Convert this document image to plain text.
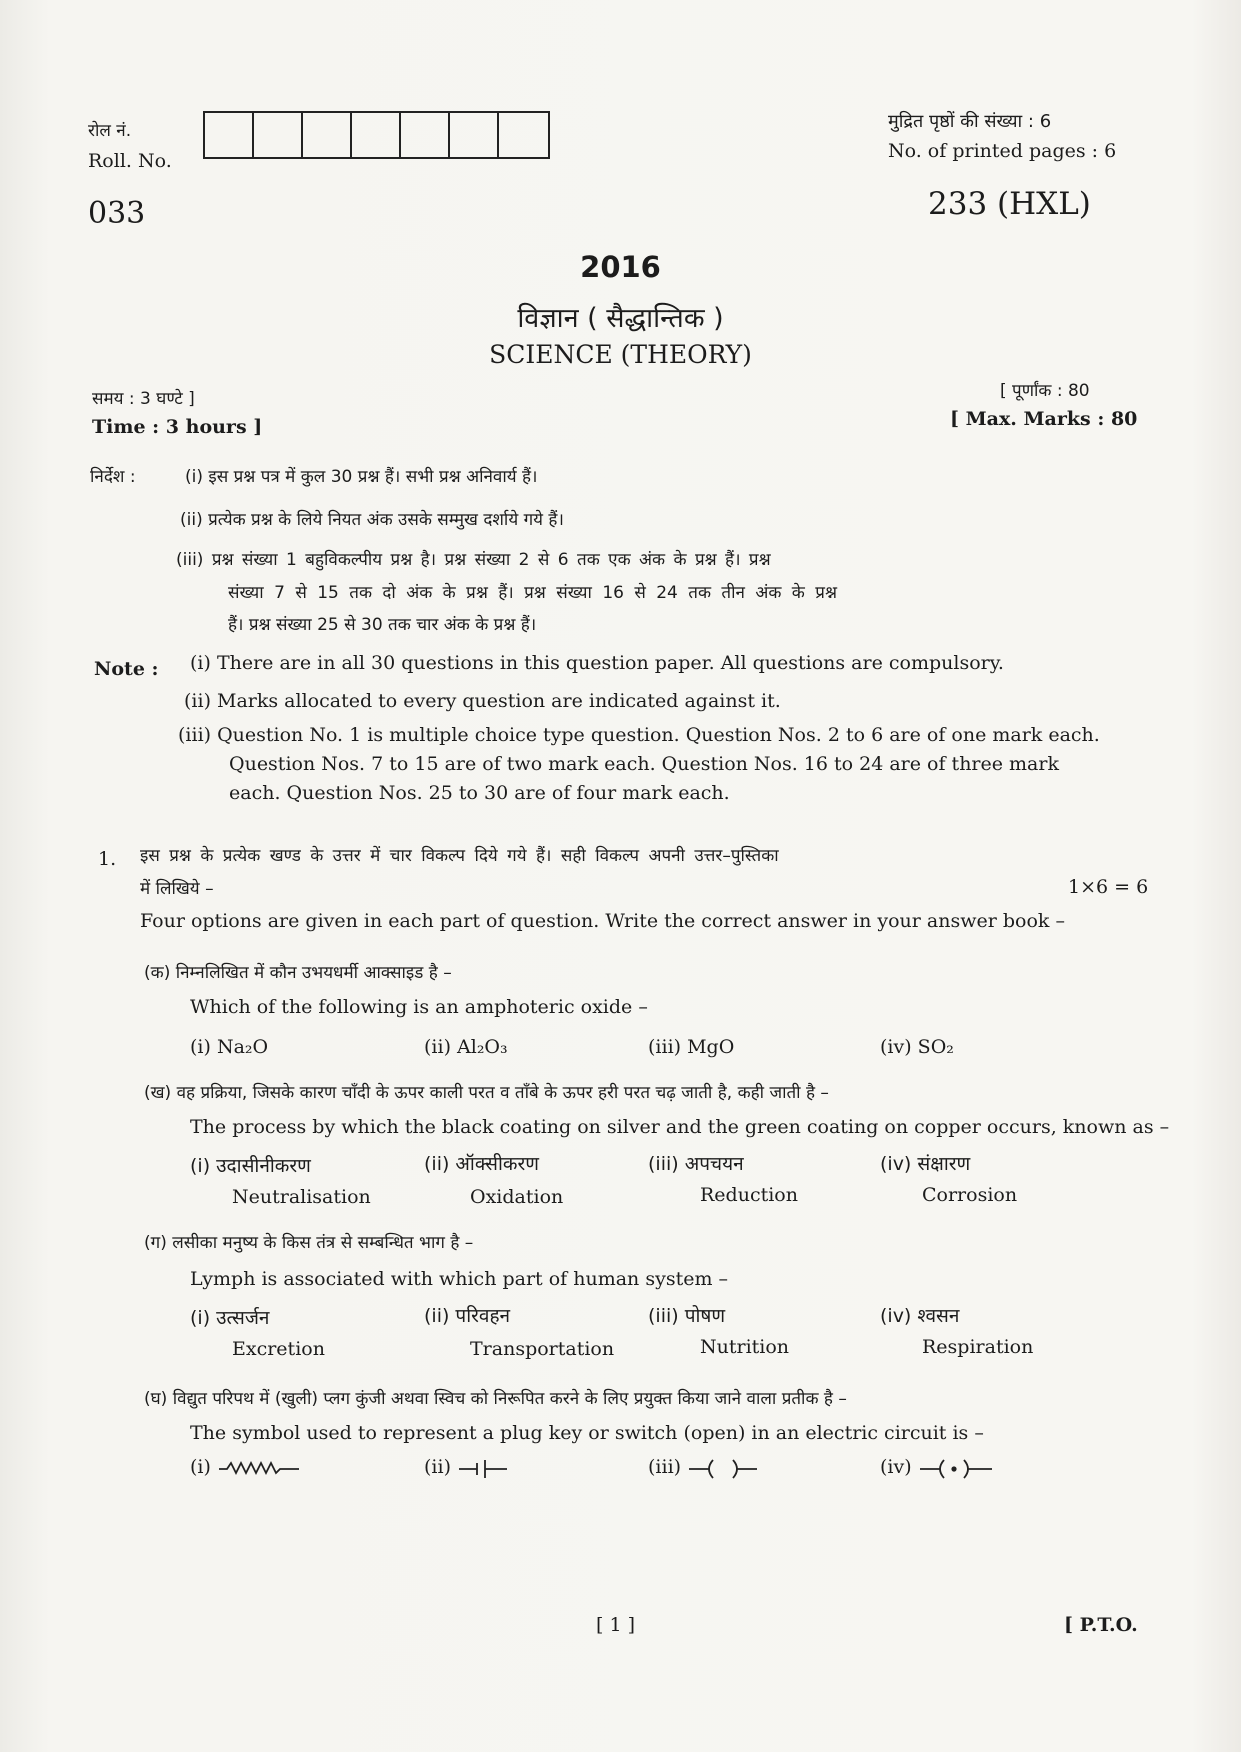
रोल नं.
Roll. No.
033
मुद्रित पृष्ठों की संख्या : 6
No. of printed pages : 6
233 (HXL)
2016
विज्ञान ( सैद्धान्तिक )
SCIENCE (THEORY)
समय : 3 घण्टे ]
Time : 3 hours ]
[ पूर्णांक : 80
[ Max. Marks : 80
निर्देश :	(i) इस प्रश्न पत्र में कुल 30 प्रश्न हैं। सभी प्रश्न अनिवार्य हैं।
(ii) प्रत्येक प्रश्न के लिये नियत अंक उसके सम्मुख दर्शाये गये हैं।
(iii) प्रश्न संख्या 1 बहुविकल्पीय प्रश्न है। प्रश्न संख्या 2 से 6 तक एक अंक के प्रश्न हैं। प्रश्न
संख्या 7 से 15 तक दो अंक के प्रश्न हैं। प्रश्न संख्या 16 से 24 तक तीन अंक के प्रश्न
हैं। प्रश्न संख्या 25 से 30 तक चार अंक के प्रश्न हैं।
Note : (i) There are in all 30 questions in this question paper. All questions are compulsory.
(ii) Marks allocated to every question are indicated against it.
(iii) Question No. 1 is multiple choice type question. Question Nos. 2 to 6 are of one mark each.
Question Nos. 7 to 15 are of two mark each. Question Nos. 16 to 24 are of three mark
each. Question Nos. 25 to 30 are of four mark each.
1. इस प्रश्न के प्रत्येक खण्ड के उत्तर में चार विकल्प दिये गये हैं। सही विकल्प अपनी उत्तर–पुस्तिका
में लिखिये –	1×6 = 6
Four options are given in each part of question. Write the correct answer in your answer book –
(क) निम्नलिखित में कौन उभयधर्मी आक्साइड है –
Which of the following is an amphoteric oxide –
(i) Na₂O	(ii) Al₂O₃	(iii) MgO	(iv) SO₂
(ख) वह प्रक्रिया, जिसके कारण चाँदी के ऊपर काली परत व ताँबे के ऊपर हरी परत चढ़ जाती है, कही जाती है –
The process by which the black coating on silver and the green coating on copper occurs, known as –
(i) उदासीनीकरण	(ii) ऑक्सीकरण	(iii) अपचयन	(iv) संक्षारण
Neutralisation	Oxidation	Reduction	Corrosion
(ग) लसीका मनुष्य के किस तंत्र से सम्बन्धित भाग है –
Lymph is associated with which part of human system –
(i) उत्सर्जन	(ii) परिवहन	(iii) पोषण	(iv) श्वसन
Excretion	Transportation	Nutrition	Respiration
(घ) विद्युत परिपथ में (खुली) प्लग कुंजी अथवा स्विच को निरूपित करने के लिए प्रयुक्त किया जाने वाला प्रतीक है –
The symbol used to represent a plug key or switch (open) in an electric circuit is –
(i)	(ii)	(iii)	(iv)
[ 1 ]	[ P.T.O.
